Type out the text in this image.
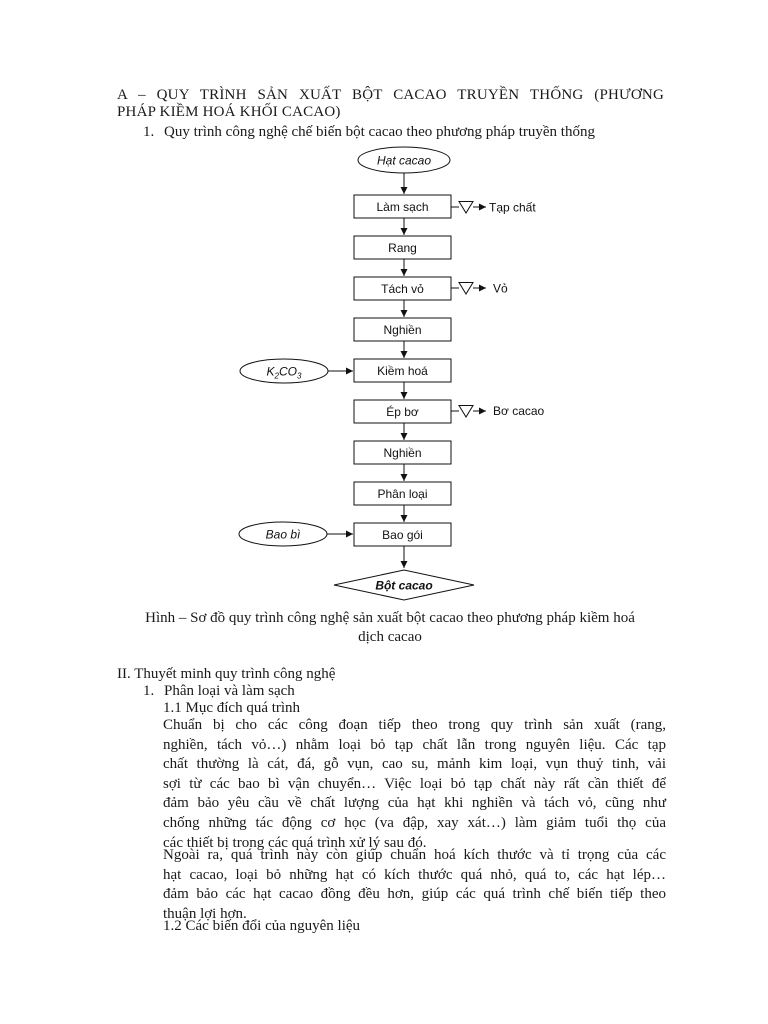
A – QUY TRÌNH SẢN XUẤT BỘT CACAO TRUYỀN THỐNG (PHƯƠNG
PHÁP KIỀM HOÁ KHỐI CACAO)
1. Quy trình công nghệ chế biến bột cacao theo phương pháp truyền thống
Hạt cacao
Làm sạch
Rang
Tách vỏ
Nghiền
Kiềm hoá
Ép bơ
Nghiền
Phân loại
Bao gói
Tạp chất
Vỏ
Bơ cacao
$K_2CO_3$
Bao bì
Bột cacao
Hình – Sơ đồ quy trình công nghệ sản xuất bột cacao theo phương pháp kiềm hoá
dịch cacao
II. Thuyết minh quy trình công nghệ
1. Phân loại và làm sạch
1.1 Mục đích quá trình
Chuẩn bị cho các công đoạn tiếp theo trong quy trình sản xuất (rang,
nghiền, tách vỏ…) nhằm loại bỏ tạp chất lẫn trong nguyên liệu. Các tạp
chất thường là cát, đá, gỗ vụn, cao su, mảnh kim loại, vụn thuỷ tinh, vải
sợi từ các bao bì vận chuyển… Việc loại bỏ tạp chất này rất cần thiết để
đảm bảo yêu cầu về chất lượng của hạt khi nghiền và tách vỏ, cũng như
chống những tác động cơ học (va đập, xay xát…) làm giảm tuổi thọ của
các thiết bị trong các quá trình xử lý sau đó.
Ngoài ra, quá trình này còn giúp chuẩn hoá kích thước và tỉ trọng của các
hạt cacao, loại bỏ những hạt có kích thước quá nhỏ, quá to, các hạt lép…
đảm bảo các hạt cacao đồng đều hơn, giúp các quá trình chế biến tiếp theo
thuận lợi hơn.
1.2 Các biến đổi của nguyên liệu
